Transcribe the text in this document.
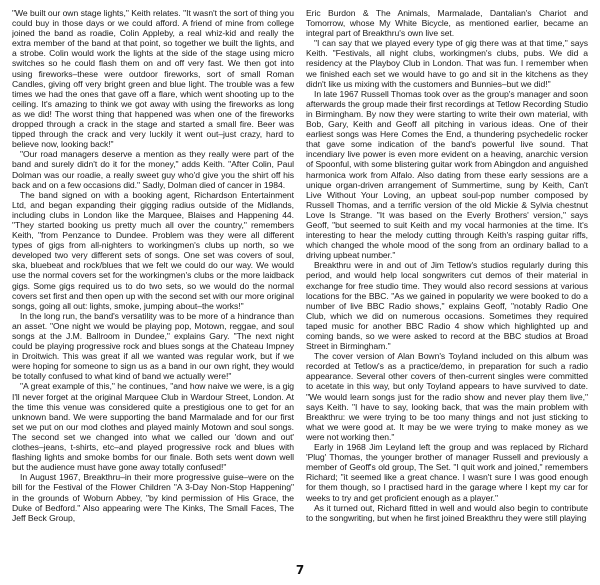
"We built our own stage lights," Keith relates. "It wasn't the sort of thing you could buy in those days or we could afford. A friend of mine from college joined the band as roadie, Colin Appleby, a real whiz-kid and really the extra member of the band at that point, so together we built the lights, and a strobe. Colin would work the lights at the side of the stage using micro switches so he could flash them on and off very fast. We then got into using fireworks–these were outdoor fireworks, sort of small Roman Candles, giving off very bright green and blue light. The trouble was a few times we had the ones that gave off a flare, which went shooting up to the ceiling. It's amazing to think we got away with using the fireworks as long as we did! The worst thing that happened was when one of the fireworks dropped through a crack in the stage and started a small fire. Beer was tipped through the crack and very luckily it went out–just crazy, hard to believe now, looking back!"

"Our road managers deserve a mention as they really were part of the band and surely didn't do it for the money," adds Keith. "After Colin, Paul Dolman was our roadie, a really sweet guy who'd give you the shirt off his back and on a few occasions did." Sadly, Dolman died of cancer in 1984.

The band signed on with a booking agent, Richardson Entertainment Ltd, and began expanding their gigging radius outside of the Midlands, including clubs in London like the Marquee, Blaises and Happening 44. "They started booking us pretty much all over the country," remembers Keith, "from Penzance to Dundee. Problem was they were all different types of gigs from all-nighters to workingmen's clubs up north, so we developed two very different sets of songs. One set was covers of soul, ska, bluebeat and rock/blues that we felt we could do our way. We would use the normal covers set for the workingmen's clubs or the more laidback gigs. Some gigs required us to do two sets, so we would do the normal covers set first and then open up with the second set with our more original songs, going all out: lights, smoke, jumping about–the works!"

In the long run, the band's versatility was to be more of a hindrance than an asset. "One night we would be playing pop, Motown, reggae, and soul songs at the J.M. Ballroom in Dundee," explains Gary. "The next night could be playing progressive rock and blues songs at the Chateau Impney in Droitwich. This was great if all we wanted was regular work, but if we were hoping for someone to sign us as a band in our own right, they would be totally confused to what kind of band we actually were!"

"A great example of this," he continues, "and how naive we were, is a gig I'll never forget at the original Marquee Club in Wardour Street, London. At the time this venue was considered quite a prestigious one to get for an unknown band. We were supporting the band Marmalade and for our first set we put on our mod clothes and played mainly Motown and soul songs. The second set we changed into what we called our 'down and out' clothes–jeans, t-shirts, etc–and played progressive rock and blues with flashing lights and smoke bombs for our finale. Both sets went down well but the audience must have gone away totally confused!"

In August 1967, Breakthru–in their more progressive guise–were on the bill for the Festival of the Flower Children "A 3-Day Non-Stop Happening" in the grounds of Woburn Abbey, "by kind permission of His Grace, the Duke of Bedford." Also appearing were The Kinks, The Small Faces, The Jeff Beck Group,

Eric Burdon & The Animals, Marmalade, Dantalian's Chariot and Tomorrow, whose My White Bicycle, as mentioned earlier, became an integral part of Breakthru's own live set.

"I can say that we played every type of gig there was at that time," says Keith. "Festivals, all night clubs, workingmen's clubs, pubs. We did a residency at the Playboy Club in London. That was fun. I remember when we finished each set we would have to go and sit in the kitchens as they didn't like us mixing with the customers and Bunnies–but we did!"

In late 1967 Russell Thomas took over as the group's manager and soon afterwards the group made their first recordings at Tetlow Recording Studio in Birmingham. By now they were starting to write their own material, with Bob, Gary, Keith and Geoff all pitching in various ideas. One of their earliest songs was Here Comes the End, a thundering psychedelic rocker that gave some indication of the band's powerful live sound. That incendiary live power is even more evident on a heaving, anarchic version of Spoonful, with some blistering guitar work from Abingdon and anguished harmonica work from Alfalo. Also dating from these early sessions are a unique organ-driven arrangement of Summertime, sung by Keith, Can't Live Without Your Loving, an upbeat soul-pop number composed by Russell Thomas, and a terrific version of the old Mickie & Sylvia chestnut Love Is Strange. "It was based on the Everly Brothers' version," says Geoff, "but seemed to suit Keith and my vocal harmonies at the time. It's interesting to hear the melody cutting through Keith's rasping guitar riffs, which changed the whole mood of the song from an ordinary ballad to a driving upbeat number."

Breakthru were in and out of Jim Tetlow's studios regularly during this period, and would help local songwriters cut demos of their material in exchange for free studio time. They would also record sessions at various locations for the BBC. "As we gained in popularity we were booked to do a number of live BBC Radio shows," explains Geoff, "notably Radio One Club, which we did on numerous occasions. Sometimes they required taped music for another BBC Radio 4 show which highlighted up and coming bands, so we were asked to record at the BBC studios at Broad Street in Birmingham."

The cover version of Alan Bown's Toyland included on this album was recorded at Tetlow's as a practice/demo, in preparation for such a radio appearance. Several other covers of then-current singles were committed to acetate in this way, but only Toyland appears to have survived to date. "We would learn songs just for the radio show and never play them live," says Keith. "I have to say, looking back, that was the main problem with Breakthru: we were trying to be too many things and not just sticking to what we were good at. It may be we were trying to make money as we were not working then."

Early in 1968 Jim Leyland left the group and was replaced by Richard 'Plug' Thomas, the younger brother of manager Russell and previously a member of Geoff's old group, The Set. "I quit work and joined," remembers Richard; "it seemed like a great chance. I wasn't sure I was good enough for them though, so I practised hard in the garage where I kept my car for weeks to try and get proficient enough as a player."

As it turned out, Richard fitted in well and would also begin to contribute to the songwriting, but when he first joined Breakthru they were still playing

7
